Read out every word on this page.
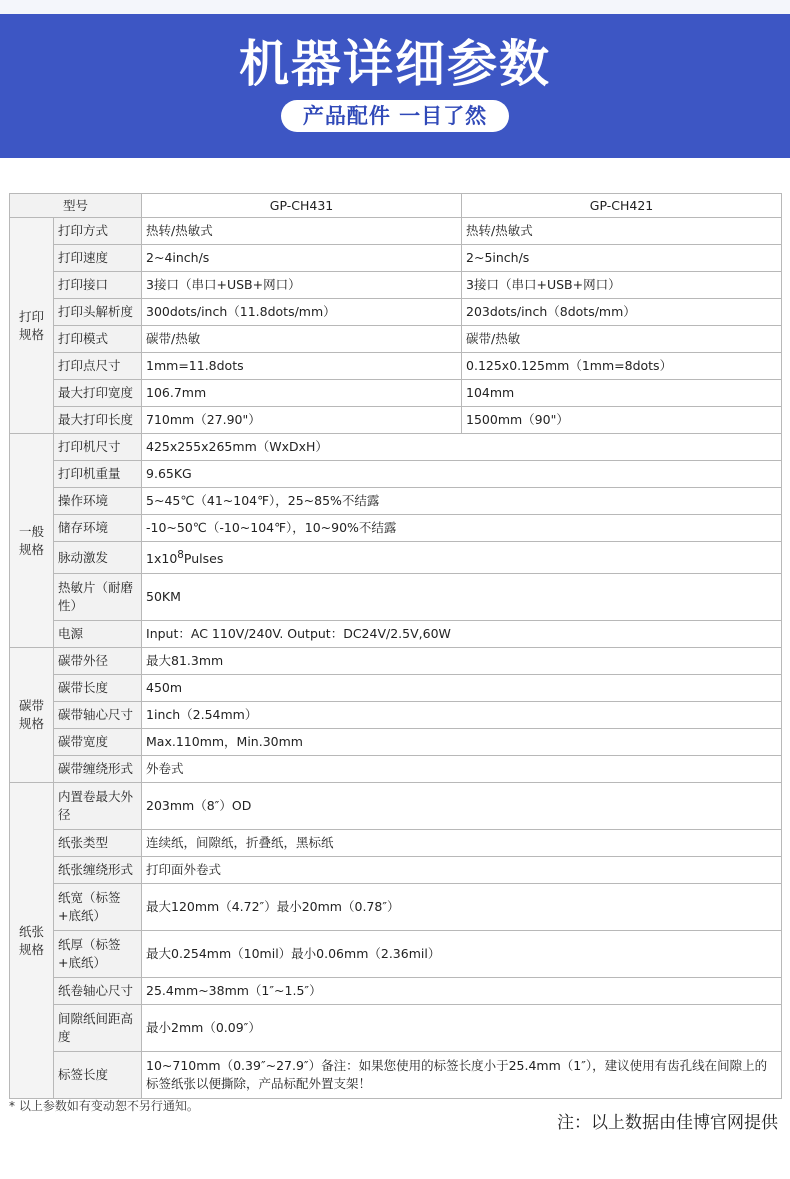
机器详细参数
产品配件 一目了然
型号		GP-CH431	GP-CH421
打印
规格	打印方式	热转/热敏式	热转/热敏式
	打印速度	2~4inch/s	2~5inch/s
	打印接口	3接口（串口+USB+网口）	3接口（串口+USB+网口）
	打印头解析度	300dots/inch（11.8dots/mm）	203dots/inch（8dots/mm）
	打印模式	碳带/热敏	碳带/热敏
	打印点尺寸	1mm=11.8dots	0.125x0.125mm（1mm=8dots）
	最大打印宽度	106.7mm	104mm
	最大打印长度	710mm（27.90"）	1500mm（90"）
一般
规格	打印机尺寸	425x255x265mm（WxDxH）	
	打印机重量	9.65KG	
	操作环境	5~45℃（41~104℉），25~85%不结露	
	储存环境	-10~50℃（-10~104℉），10~90%不结露	
	脉动激发	$1x10^8Pulses$	
	热敏片（耐磨性）	50KM	
	电源	Input：AC 110V/240V. Output：DC24V/2.5V,60W	
碳带
规格	碳带外径	最大81.3mm	
	碳带长度	450m	
	碳带轴心尺寸	1inch（2.54mm）	
	碳带宽度	Max.110mm，Min.30mm	
	碳带缠绕形式	外卷式	
纸张
规格	内置卷最大外径	203mm（8″）OD	
	纸张类型	连续纸，间隙纸，折叠纸，黑标纸	
	纸张缠绕形式	打印面外卷式	
	纸宽（标签+底纸）	最大120mm（4.72″）最小20mm（0.78″）	
	纸厚（标签+底纸）	最大0.254mm（10mil）最小0.06mm（2.36mil）	
	纸卷轴心尺寸	25.4mm~38mm（1″~1.5″）	
	间隙纸间距高度	最小2mm（0.09″）	
	标签长度	10~710mm（0.39″~27.9″）备注：如果您使用的标签长度小于25.4mm（1″），建议使用有齿孔线在间隙上的标签纸张以便撕除，产品标配外置支架！	
* 以上参数如有变动恕不另行通知。
注：以上数据由佳博官网提供
